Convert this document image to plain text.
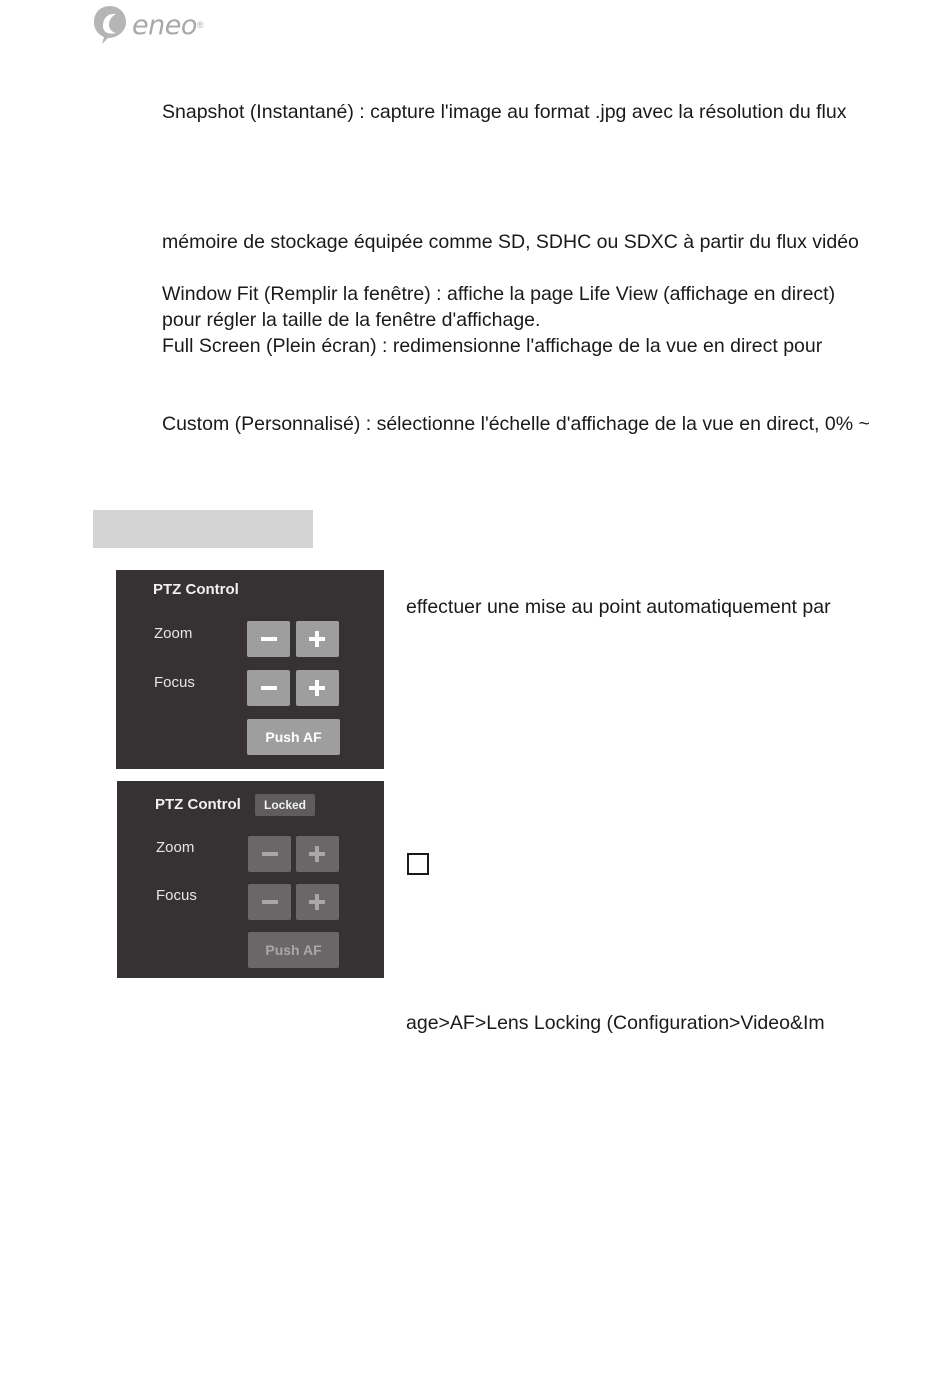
eneo ®
Snapshot (Instantané) : capture l'image au format .jpg avec la résolution du flux
mémoire de stockage équipée comme SD, SDHC ou SDXC à partir du flux vidéo
Window Fit (Remplir la fenêtre) : affiche la page Life View (affichage en direct)
pour régler la taille de la fenêtre d'affichage.
Full Screen (Plein écran) : redimensionne l'affichage de la vue en direct pour
Custom (Personnalisé) : sélectionne l'échelle d'affichage de la vue en direct, 0% ~
PTZ Control
Zoom
Focus
Push AF
PTZ Control	Locked
Zoom
Focus
Push AF
effectuer une mise au point automatiquement par
age>AF>Lens Locking (Configuration>Video&Im
